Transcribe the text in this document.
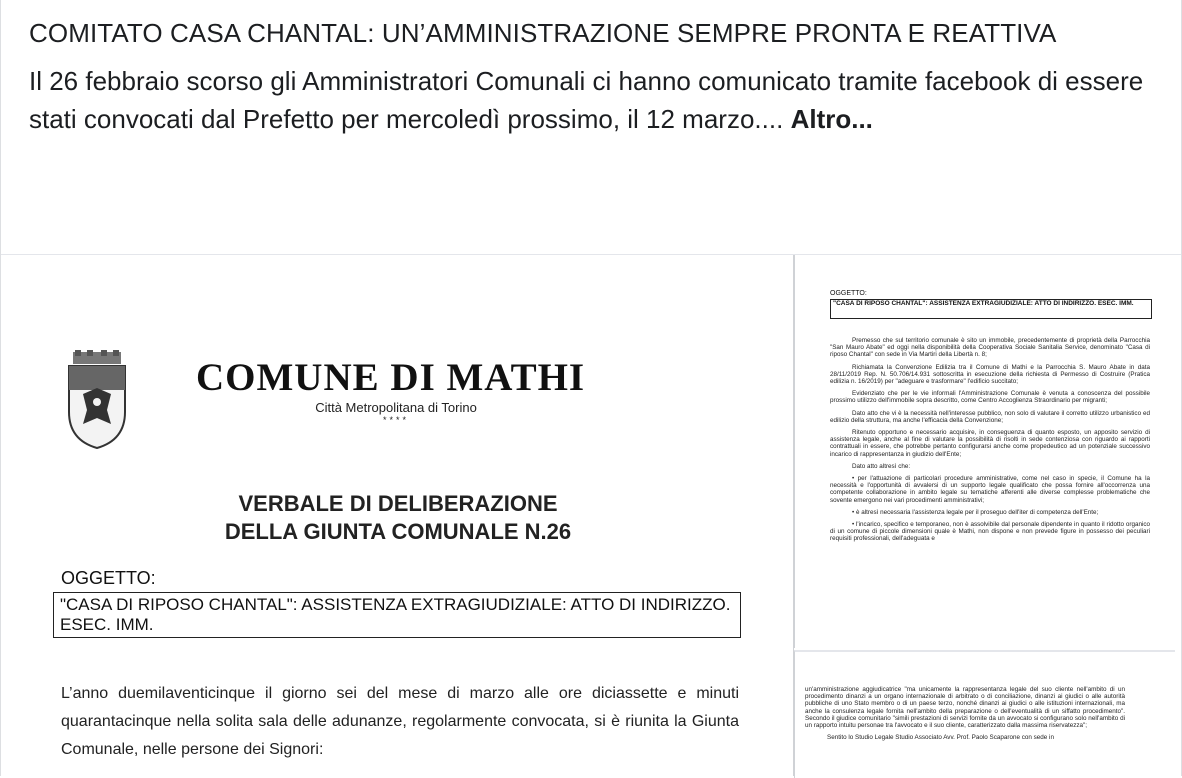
COMITATO CASA CHANTAL: UN’AMMINISTRAZIONE SEMPRE PRONTA E REATTIVA
Il 26 febbraio scorso gli Amministratori Comunali ci hanno comunicato tramite facebook di essere stati convocati dal Prefetto per mercoledì prossimo, il 12 marzo.... Altro...
COMUNE DI MATHI
Città Metropolitana di Torino
****
VERBALE DI DELIBERAZIONE
DELLA GIUNTA COMUNALE N.26
OGGETTO:
"CASA DI RIPOSO CHANTAL": ASSISTENZA EXTRAGIUDIZIALE: ATTO DI INDIRIZZO. ESEC. IMM.
L’anno duemilaventicinque il giorno sei del mese di marzo alle ore diciassette e minuti quarantacinque nella solita sala delle adunanze, regolarmente convocata, si è riunita la Giunta Comunale, nelle persone dei Signori:
OGGETTO:
"CASA DI RIPOSO CHANTAL": ASSISTENZA EXTRAGIUDIZIALE: ATTO DI INDIRIZZO. ESEC. IMM.

Premesso che sul territorio comunale è sito un immobile, precedentemente di proprietà della Parrocchia "San Mauro Abate" ed oggi nella disponibilità della Cooperativa Sociale Sanitalia Service, denominato "Casa di riposo Chantal" con sede in Via Martiri della Libertà n. 8;

Richiamata la Convenzione Edilizia tra il Comune di Mathi e la Parrocchia S. Mauro Abate in data 28/11/2019 Rep. N. 50.706/14.931 sottoscritta in esecuzione della richiesta di Permesso di Costruire (Pratica edilizia n. 16/2019) per "adeguare e trasformare" l'edificio succitato;

Evidenziato che per le vie informali l'Amministrazione Comunale è venuta a conoscenza del possibile prossimo utilizzo dell'immobile sopra descritto, come Centro Accoglienza Straordinario per migranti;

Dato atto che vi è la necessità nell'interesse pubblico, non solo di valutare il corretto utilizzo urbanistico ed edilizio della struttura, ma anche l'efficacia della Convenzione;

Ritenuto opportuno e necessario acquisire, in conseguenza di quanto esposto, un apposito servizio di assistenza legale, anche al fine di valutare la possibilità di risolti in sede contenziosa con riguardo ai rapporti contrattuali in essere, che potrebbe pertanto configurarsi anche come propedeutico ad un potenziale successivo incarico di rappresentanza in giudizio dell'Ente;

Dato atto altresì che:

• per l'attuazione di particolari procedure amministrative, come nel caso in specie, il Comune ha la necessità e l'opportunità di avvalersi di un supporto legale qualificato che possa fornire all'occorrenza una competente collaborazione in ambito legale su tematiche afferenti alle diverse complesse problematiche che sovente emergono nei vari procedimenti amministrativi;

• è altresì necessaria l'assistenza legale per il proseguo dell'iter di competenza dell'Ente;

• l'incarico, specifico e temporaneo, non è assolvibile dal personale dipendente in quanto il ridotto organico di un comune di piccole dimensioni quale è Mathi, non dispone e non prevede figure in possesso dei peculiari requisiti professionali, dell'adeguata e

un'amministrazione aggiudicatrice "ma unicamente la rappresentanza legale del suo cliente nell'ambito di un procedimento dinanzi a un organo internazionale di arbitrato o di conciliazione, dinanzi ai giudici o alle autorità pubbliche di uno Stato membro o di un paese terzo, nonché dinanzi ai giudici o alle istituzioni internazionali, ma anche la consulenza legale fornita nell'ambito della preparazione o dell'eventualità di un siffatto procedimento". Secondo il giudice comunitario "simili prestazioni di servizi fornite da un avvocato si configurano solo nell'ambito di un rapporto intuitu personae tra l'avvocato e il suo cliente, caratterizzato dalla massima riservatezza";

Sentito lo Studio Legale Studio Associato Avv. Prof. Paolo Scaparone con sede in
